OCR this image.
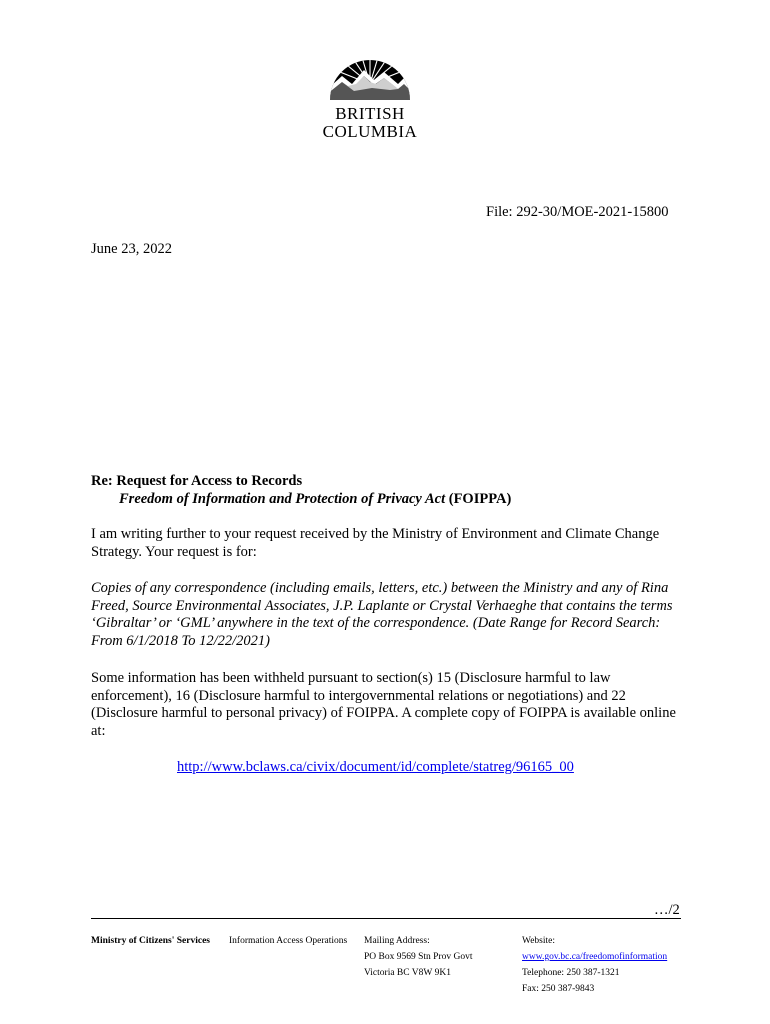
BRITISH
COLUMBIA
File: 292-30/MOE-2021-15800
June 23, 2022
Re: Request for Access to Records
Freedom of Information and Protection of Privacy Act (FOIPPA)
I am writing further to your request received by the Ministry of Environment and Climate Change Strategy. Your request is for:
Copies of any correspondence (including emails, letters, etc.) between the Ministry and any of Rina Freed, Source Environmental Associates, J.P. Laplante or Crystal Verhaeghe that contains the terms ‘Gibraltar’ or ‘GML’ anywhere in the text of the correspondence. (Date Range for Record Search: From 6/1/2018 To 12/22/2021)
Some information has been withheld pursuant to section(s) 15 (Disclosure harmful to law enforcement), 16 (Disclosure harmful to intergovernmental relations or negotiations) and 22 (Disclosure harmful to personal privacy) of FOIPPA. A complete copy of FOIPPA is available online at:
http://www.bclaws.ca/civix/document/id/complete/statreg/96165_00
…/2
Ministry of Citizens' Services Information Access Operations Mailing Address:
PO Box 9569 Stn Prov Govt
Victoria BC V8W 9K1
Website:
www.gov.bc.ca/freedomofinformation
Telephone: 250 387-1321
Fax: 250 387-9843
